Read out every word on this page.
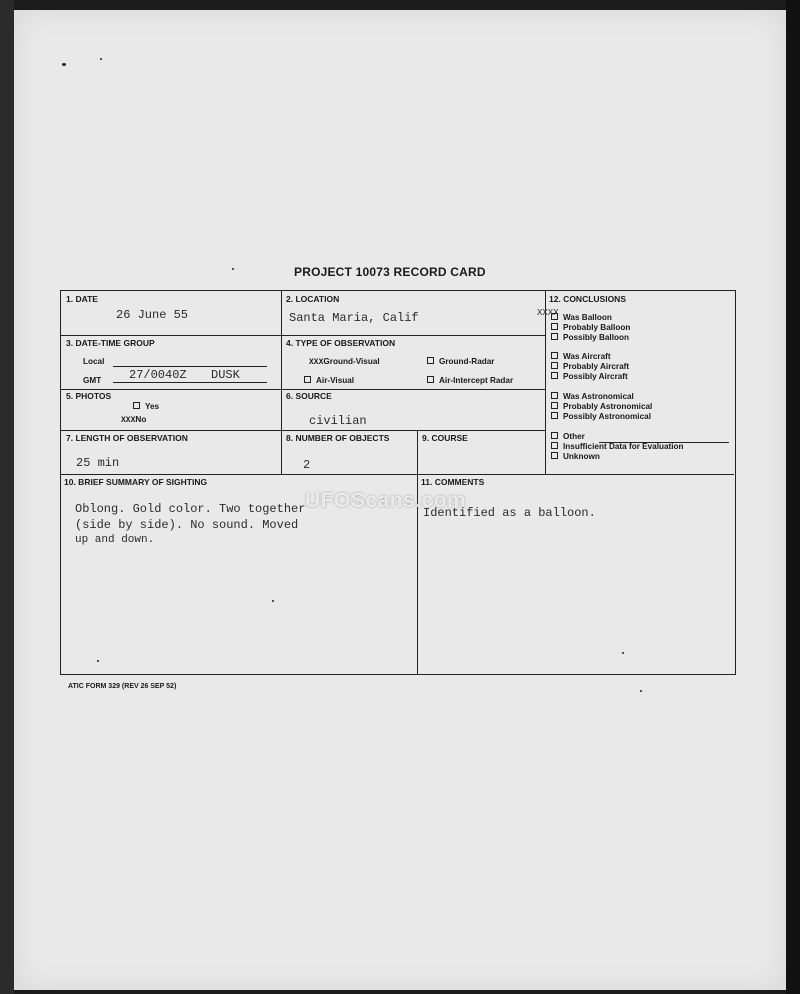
PROJECT 10073 RECORD CARD
1. DATE
26 June 55
2. LOCATION
Santa Maria, Calif
12. CONCLUSIONS
XXXX Was Balloon
Probably Balloon
Possibly Balloon
Was Aircraft
Probably Aircraft
Possibly Aircraft
Was Astronomical
Probably Astronomical
Possibly Astronomical
Other
Insufficient Data for Evaluation
Unknown
3. DATE-TIME GROUP
Local
GMT 27/0040Z DUSK
4. TYPE OF OBSERVATION
XXXGround-Visual	Ground-Radar
Air-Visual	Air-Intercept Radar
5. PHOTOS
Yes
XXXNo
6. SOURCE
civilian
7. LENGTH OF OBSERVATION
25 min
8. NUMBER OF OBJECTS
2
9. COURSE
10. BRIEF SUMMARY OF SIGHTING
Oblong. Gold color. Two together
(side by side). No sound. Moved
up and down.
11. COMMENTS
Identified as a balloon.
UFOScans.com
ATIC FORM 329 (REV 26 SEP 52)
